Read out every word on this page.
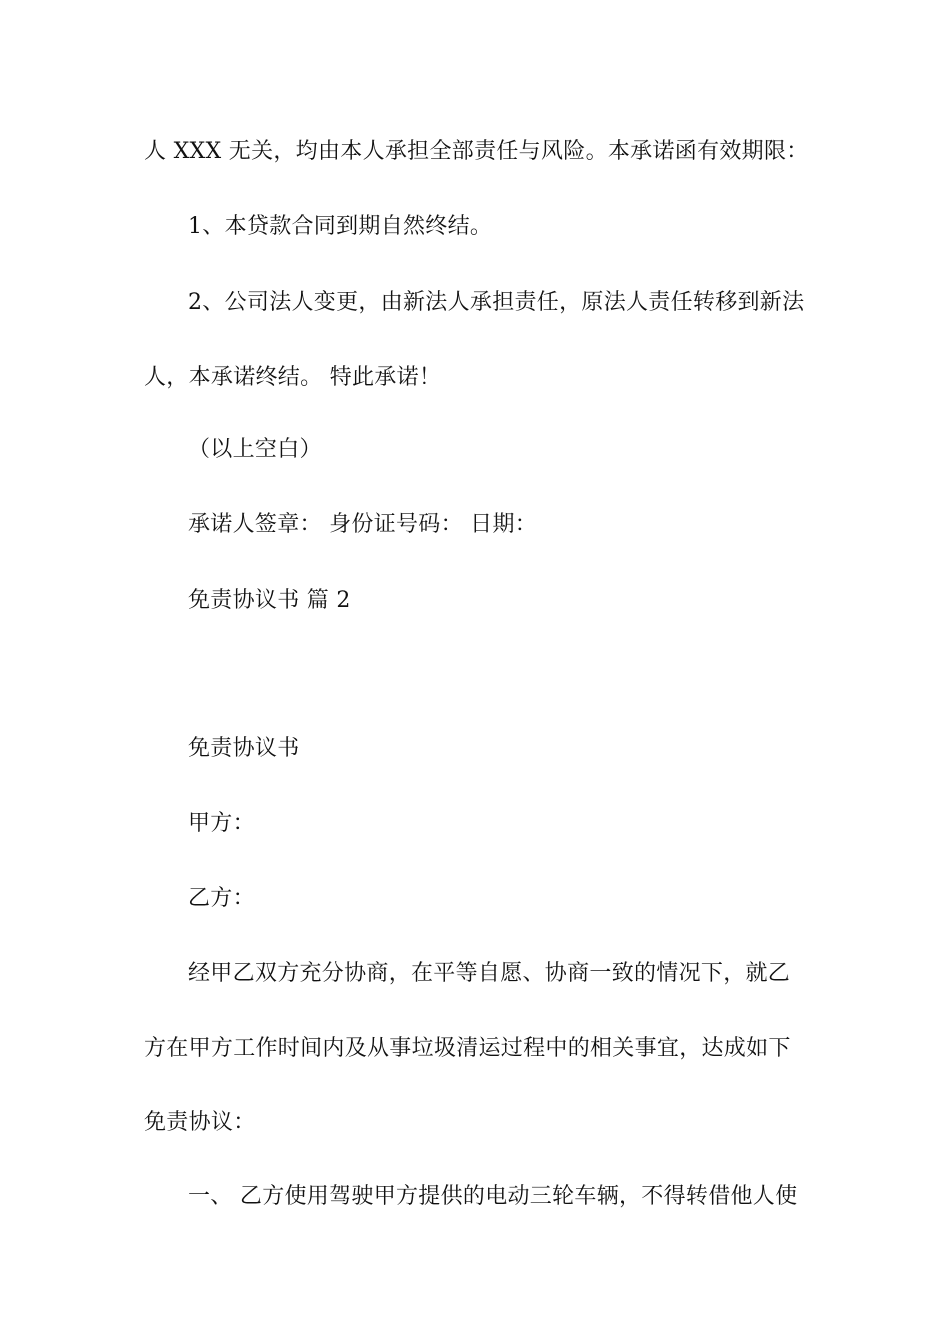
人 XXX 无关，均由本人承担全部责任与风险。本承诺函有效期限：
1、本贷款合同到期自然终结。
2、公司法人变更，由新法人承担责任，原法人责任转移到新法
人，本承诺终结。 特此承诺！
（以上空白）
承诺人签章： 身份证号码： 日期：
免责协议书 篇 2
免责协议书
甲方：
乙方：
经甲乙双方充分协商，在平等自愿、协商一致的情况下，就乙
方在甲方工作时间内及从事垃圾清运过程中的相关事宜，达成如下
免责协议：
一、 乙方使用驾驶甲方提供的电动三轮车辆，不得转借他人使
